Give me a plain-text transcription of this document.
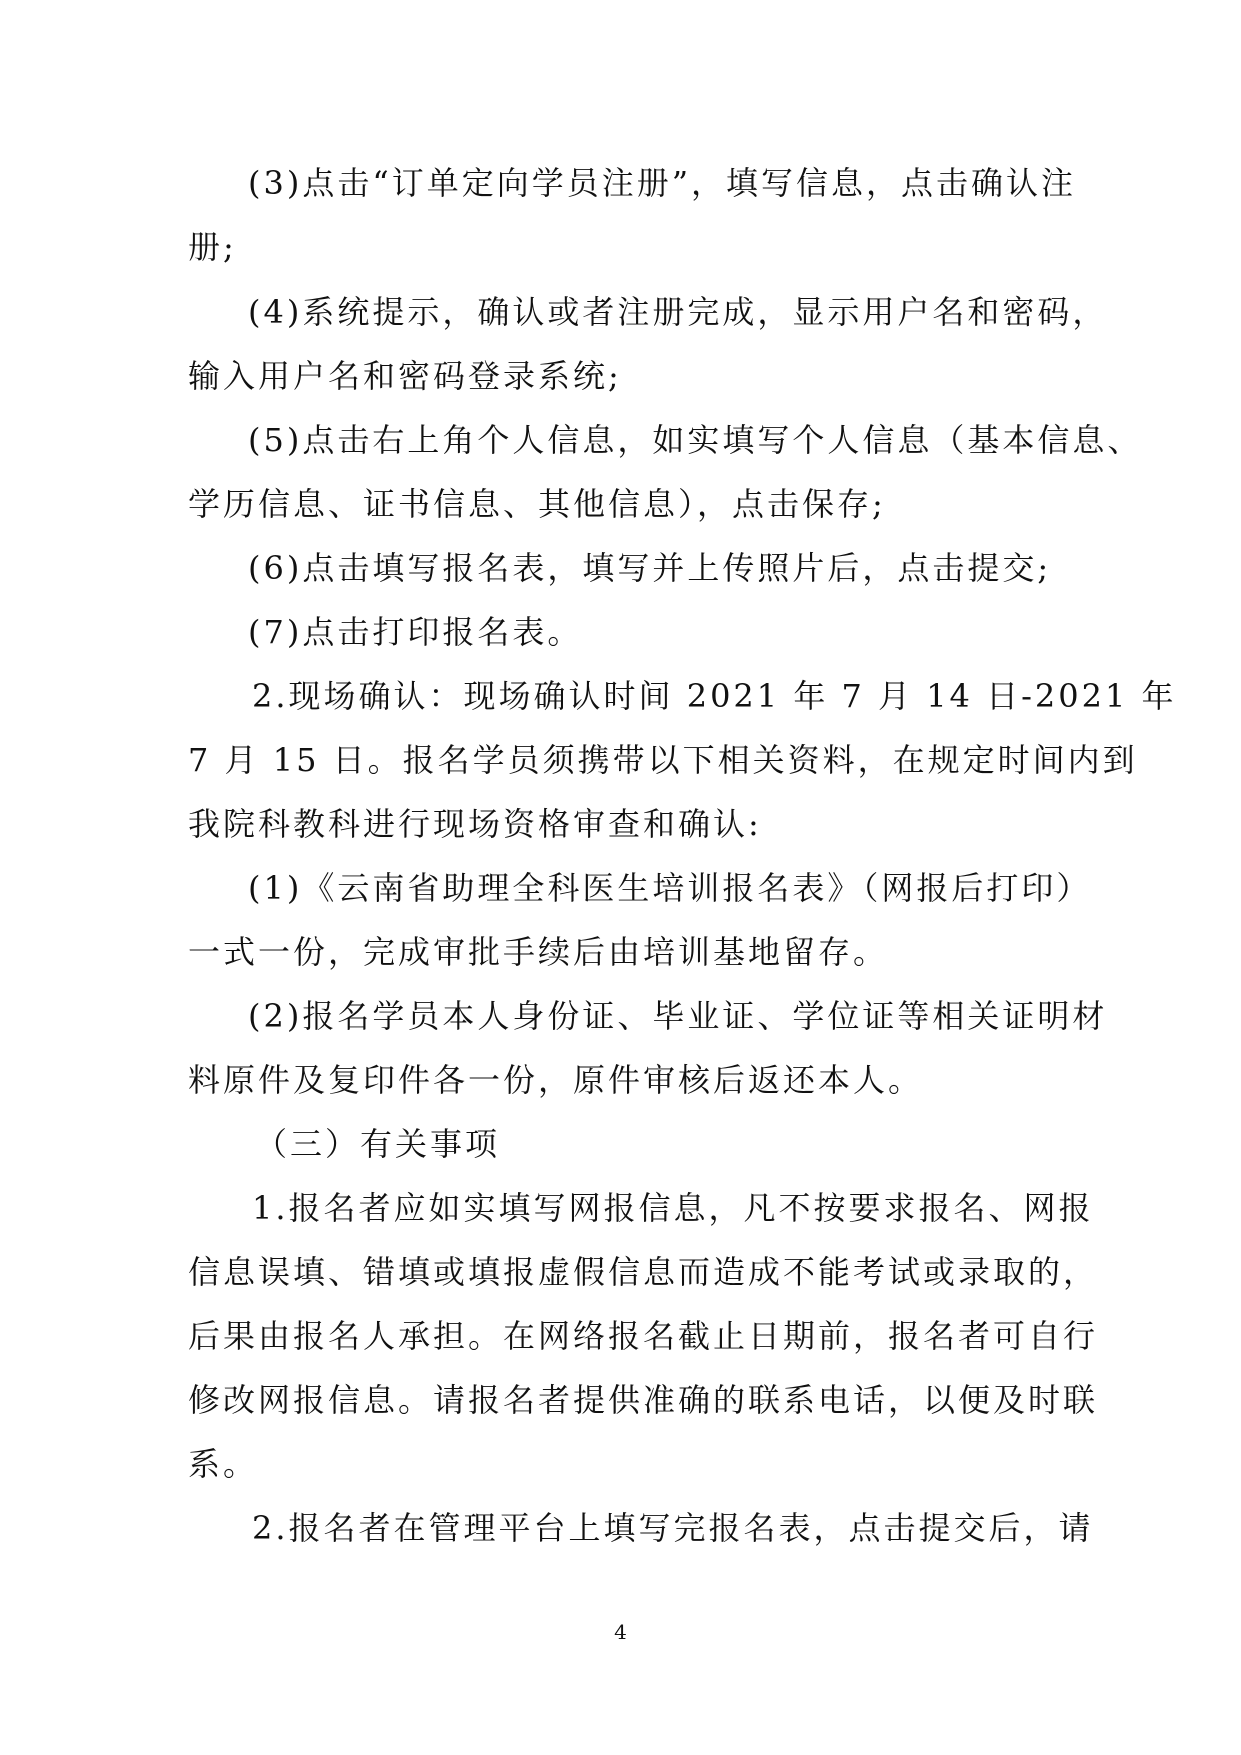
(3)点击“订单定向学员注册”，填写信息，点击确认注
册;
(4)系统提示，确认或者注册完成，显示用户名和密码，
输入用户名和密码登录系统;
(5)点击右上角个人信息，如实填写个人信息（基本信息、
学历信息、证书信息、其他信息），点击保存;
(6)点击填写报名表，填写并上传照片后，点击提交;
(7)点击打印报名表。
2.现场确认：现场确认时间 2021 年 7 月 14 日-2021 年
7 月 15 日。报名学员须携带以下相关资料，在规定时间内到
我院科教科进行现场资格审查和确认:
(1)《云南省助理全科医生培训报名表》（网报后打印）
一式一份，完成审批手续后由培训基地留存。
(2)报名学员本人身份证、毕业证、学位证等相关证明材
料原件及复印件各一份，原件审核后返还本人。
（三）有关事项
1.报名者应如实填写网报信息，凡不按要求报名、网报
信息误填、错填或填报虚假信息而造成不能考试或录取的，
后果由报名人承担。在网络报名截止日期前，报名者可自行
修改网报信息。请报名者提供准确的联系电话，以便及时联
系。
2.报名者在管理平台上填写完报名表，点击提交后，请
4
